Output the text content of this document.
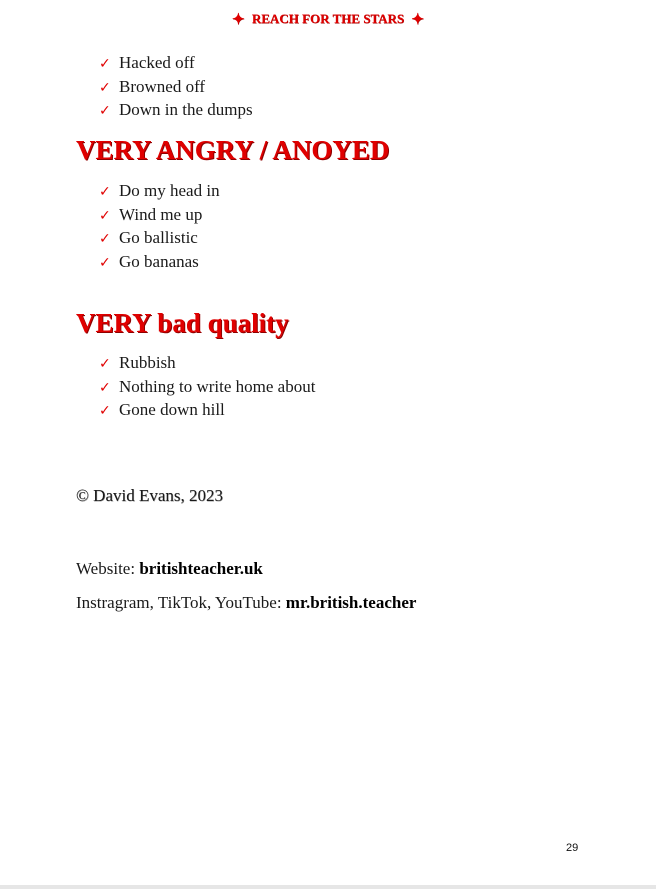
✦ REACH FOR THE STARS ✦
✓ Hacked off
✓ Browned off
✓ Down in the dumps
VERY ANGRY / ANOYED
✓ Do my head in
✓ Wind me up
✓ Go ballistic
✓ Go bananas
VERY bad quality
✓ Rubbish
✓ Nothing to write home about
✓ Gone down hill
© David Evans, 2023
Website: britishteacher.uk
Instragram, TikTok, YouTube: mr.british.teacher
29
